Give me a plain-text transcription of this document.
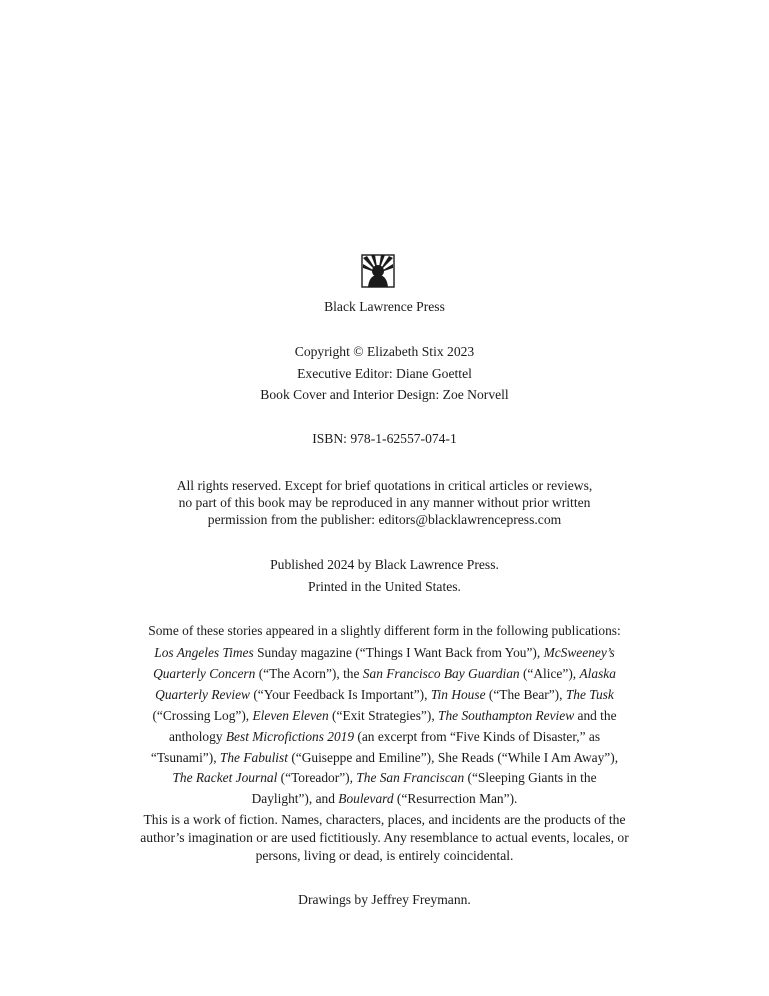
Black Lawrence Press
Copyright © Elizabeth Stix 2023
Executive Editor: Diane Goettel
Book Cover and Interior Design: Zoe Norvell
ISBN: 978-1-62557-074-1
All rights reserved. Except for brief quotations in critical articles or reviews,
no part of this book may be reproduced in any manner without prior written
permission from the publisher: editors@blacklawrencepress.com
Published 2024 by Black Lawrence Press.
Printed in the United States.
Some of these stories appeared in a slightly different form in the following publications:

Los Angeles Times Sunday magazine (“Things I Want Back from You”), McSweeney’s Quarterly Concern (“The Acorn”), the San Francisco Bay Guardian (“Alice”), Alaska Quarterly Review (“Your Feedback Is Important”), Tin House (“The Bear”), The Tusk (“Crossing Log”), Eleven Eleven (“Exit Strategies”), The Southampton Review and the anthology Best Microfictions 2019 (an excerpt from “Five Kinds of Disaster,” as “Tsunami”), The Fabulist (“Guiseppe and Emiline”), She Reads (“While I Am Away”), The Racket Journal (“Toreador”), The San Franciscan (“Sleeping Giants in the Daylight”), and Boulevard (“Resurrection Man”).

This is a work of fiction. Names, characters, places, and incidents are the products of the
author’s imagination or are used fictitiously. Any resemblance to actual events, locales, or
persons, living or dead, is entirely coincidental.
Drawings by Jeffrey Freymann.
